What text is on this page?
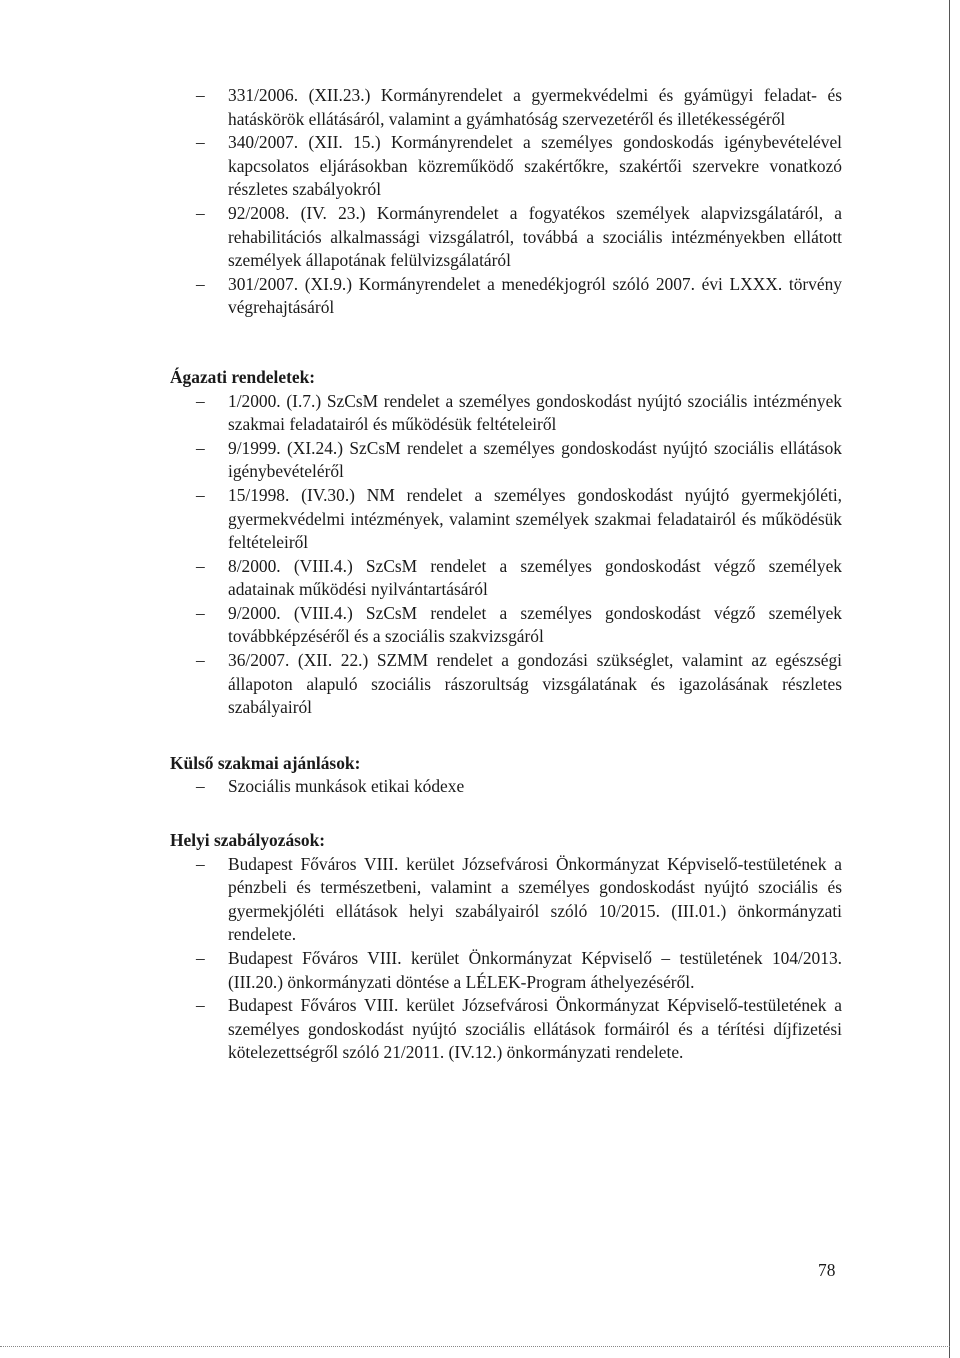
– 331/2006. (XII.23.) Kormányrendelet a gyermekvédelmi és gyámügyi feladat- és hatáskörök ellátásáról, valamint a gyámhatóság szervezetéről és illetékességéről
– 340/2007. (XII. 15.) Kormányrendelet a személyes gondoskodás igénybevételével kapcsolatos eljárásokban közreműködő szakértőkre, szakértői szervekre vonatkozó részletes szabályokról
– 92/2008. (IV. 23.) Kormányrendelet a fogyatékos személyek alapvizsgálatáról, a rehabilitációs alkalmassági vizsgálatról, továbbá a szociális intézményekben ellátott személyek állapotának felülvizsgálatáról
– 301/2007. (XI.9.) Kormányrendelet a menedékjogról szóló 2007. évi LXXX. törvény végrehajtásáról

Ágazati rendeletek:

– 1/2000. (I.7.) SzCsM rendelet a személyes gondoskodást nyújtó szociális intézmények szakmai feladatairól és működésük feltételeiről
– 9/1999. (XI.24.) SzCsM rendelet a személyes gondoskodást nyújtó szociális ellátások igénybevételéről
– 15/1998. (IV.30.) NM rendelet a személyes gondoskodást nyújtó gyermekjóléti, gyermekvédelmi intézmények, valamint személyek szakmai feladatairól és működésük feltételeiről
– 8/2000. (VIII.4.) SzCsM rendelet a személyes gondoskodást végző személyek adatainak működési nyilvántartásáról
– 9/2000. (VIII.4.) SzCsM rendelet a személyes gondoskodást végző személyek továbbképzéséről és a szociális szakvizsgáról
– 36/2007. (XII. 22.) SZMM rendelet a gondozási szükséglet, valamint az egészségi állapoton alapuló szociális rászorultság vizsgálatának és igazolásának részletes szabályairól

Külső szakmai ajánlások:

– Szociális munkások etikai kódexe

Helyi szabályozások:

– Budapest Főváros VIII. kerület Józsefvárosi Önkormányzat Képviselő-testületének a pénzbeli és természetbeni, valamint a személyes gondoskodást nyújtó szociális és gyermekjóléti ellátások helyi szabályairól szóló 10/2015. (III.01.) önkormányzati rendelete.
– Budapest Főváros VIII. kerület Önkormányzat Képviselő – testületének 104/2013.(III.20.) önkormányzati döntése a LÉLEK-Program áthelyezéséről.
– Budapest Főváros VIII. kerület Józsefvárosi Önkormányzat Képviselő-testületének a személyes gondoskodást nyújtó szociális ellátások formáiról és a térítési díjfizetési kötelezettségről szóló 21/2011. (IV.12.) önkormányzati rendelete.
78
